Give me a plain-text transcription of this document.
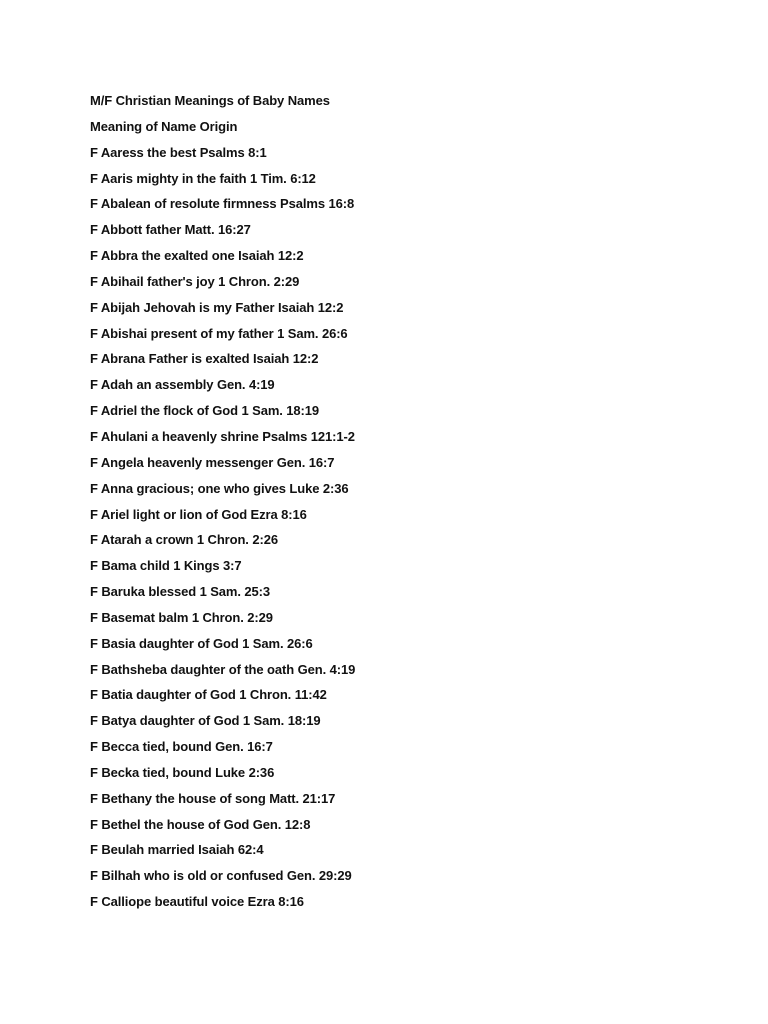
M/F Christian Meanings of Baby Names
Meaning of Name Origin
F Aaress the best Psalms 8:1
F Aaris mighty in the faith 1 Tim. 6:12
F Abalean of resolute firmness Psalms 16:8
F Abbott father Matt. 16:27
F Abbra the exalted one Isaiah 12:2
F Abihail father's joy 1 Chron. 2:29
F Abijah Jehovah is my Father Isaiah 12:2
F Abishai present of my father 1 Sam. 26:6
F Abrana Father is exalted Isaiah 12:2
F Adah an assembly Gen. 4:19
F Adriel the flock of God 1 Sam. 18:19
F Ahulani a heavenly shrine Psalms 121:1-2
F Angela heavenly messenger Gen. 16:7
F Anna gracious; one who gives Luke 2:36
F Ariel light or lion of God Ezra 8:16
F Atarah a crown 1 Chron. 2:26
F Bama child 1 Kings 3:7
F Baruka blessed 1 Sam. 25:3
F Basemat balm 1 Chron. 2:29
F Basia daughter of God 1 Sam. 26:6
F Bathsheba daughter of the oath Gen. 4:19
F Batia daughter of God 1 Chron. 11:42
F Batya daughter of God 1 Sam. 18:19
F Becca tied, bound Gen. 16:7
F Becka tied, bound Luke 2:36
F Bethany the house of song Matt. 21:17
F Bethel the house of God Gen. 12:8
F Beulah married Isaiah 62:4
F Bilhah who is old or confused Gen. 29:29
F Calliope beautiful voice Ezra 8:16
